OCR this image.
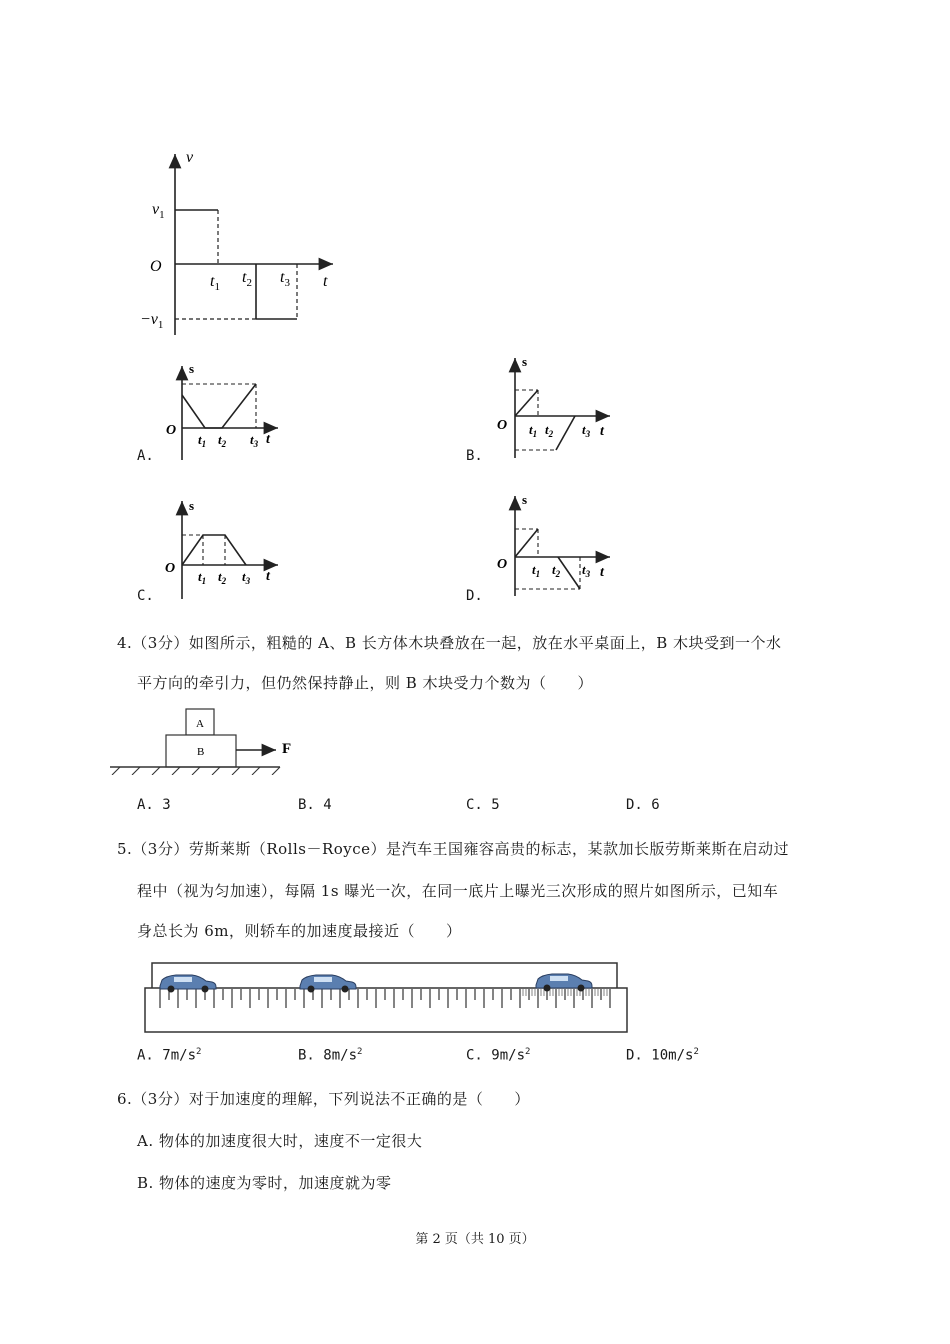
v
t
O
$v_1$
$-v_1$
$t_1$
$t_2$ $t_3$
s
t
O
$t_1$ $t_2$ $t_3$
A.
s
t
O $t_1$ $t_2$ $t_3$
B.
s
t
O
$t_1$ $t_2$ $t_3$
C.
s
t
O $t_1$ $t_2$ $t_3$
D.
4.（3分）如图所示，粗糙的 A、B 长方体木块叠放在一起，放在水平桌面上，B 木块受到一个水
平方向的牵引力，但仍然保持静止，则 B 木块受力个数为（　　）
A
B	F
A. 3	B. 4	C. 5	D. 6
5.（3分）劳斯莱斯（Rolls－Royce）是汽车王国雍容高贵的标志，某款加长版劳斯莱斯在启动过
程中（视为匀加速），每隔 1s 曝光一次，在同一底片上曝光三次形成的照片如图所示，已知车
身总长为 6m，则轿车的加速度最接近（　　）
A. $7m/s^2$	B. $8m/s^2$	C. $9m/s^2$	D. $10m/s^2$
6.（3分）对于加速度的理解，下列说法不正确的是（　　）
A. 物体的加速度很大时，速度不一定很大
B. 物体的速度为零时，加速度就为零
第 2 页（共 10 页）
